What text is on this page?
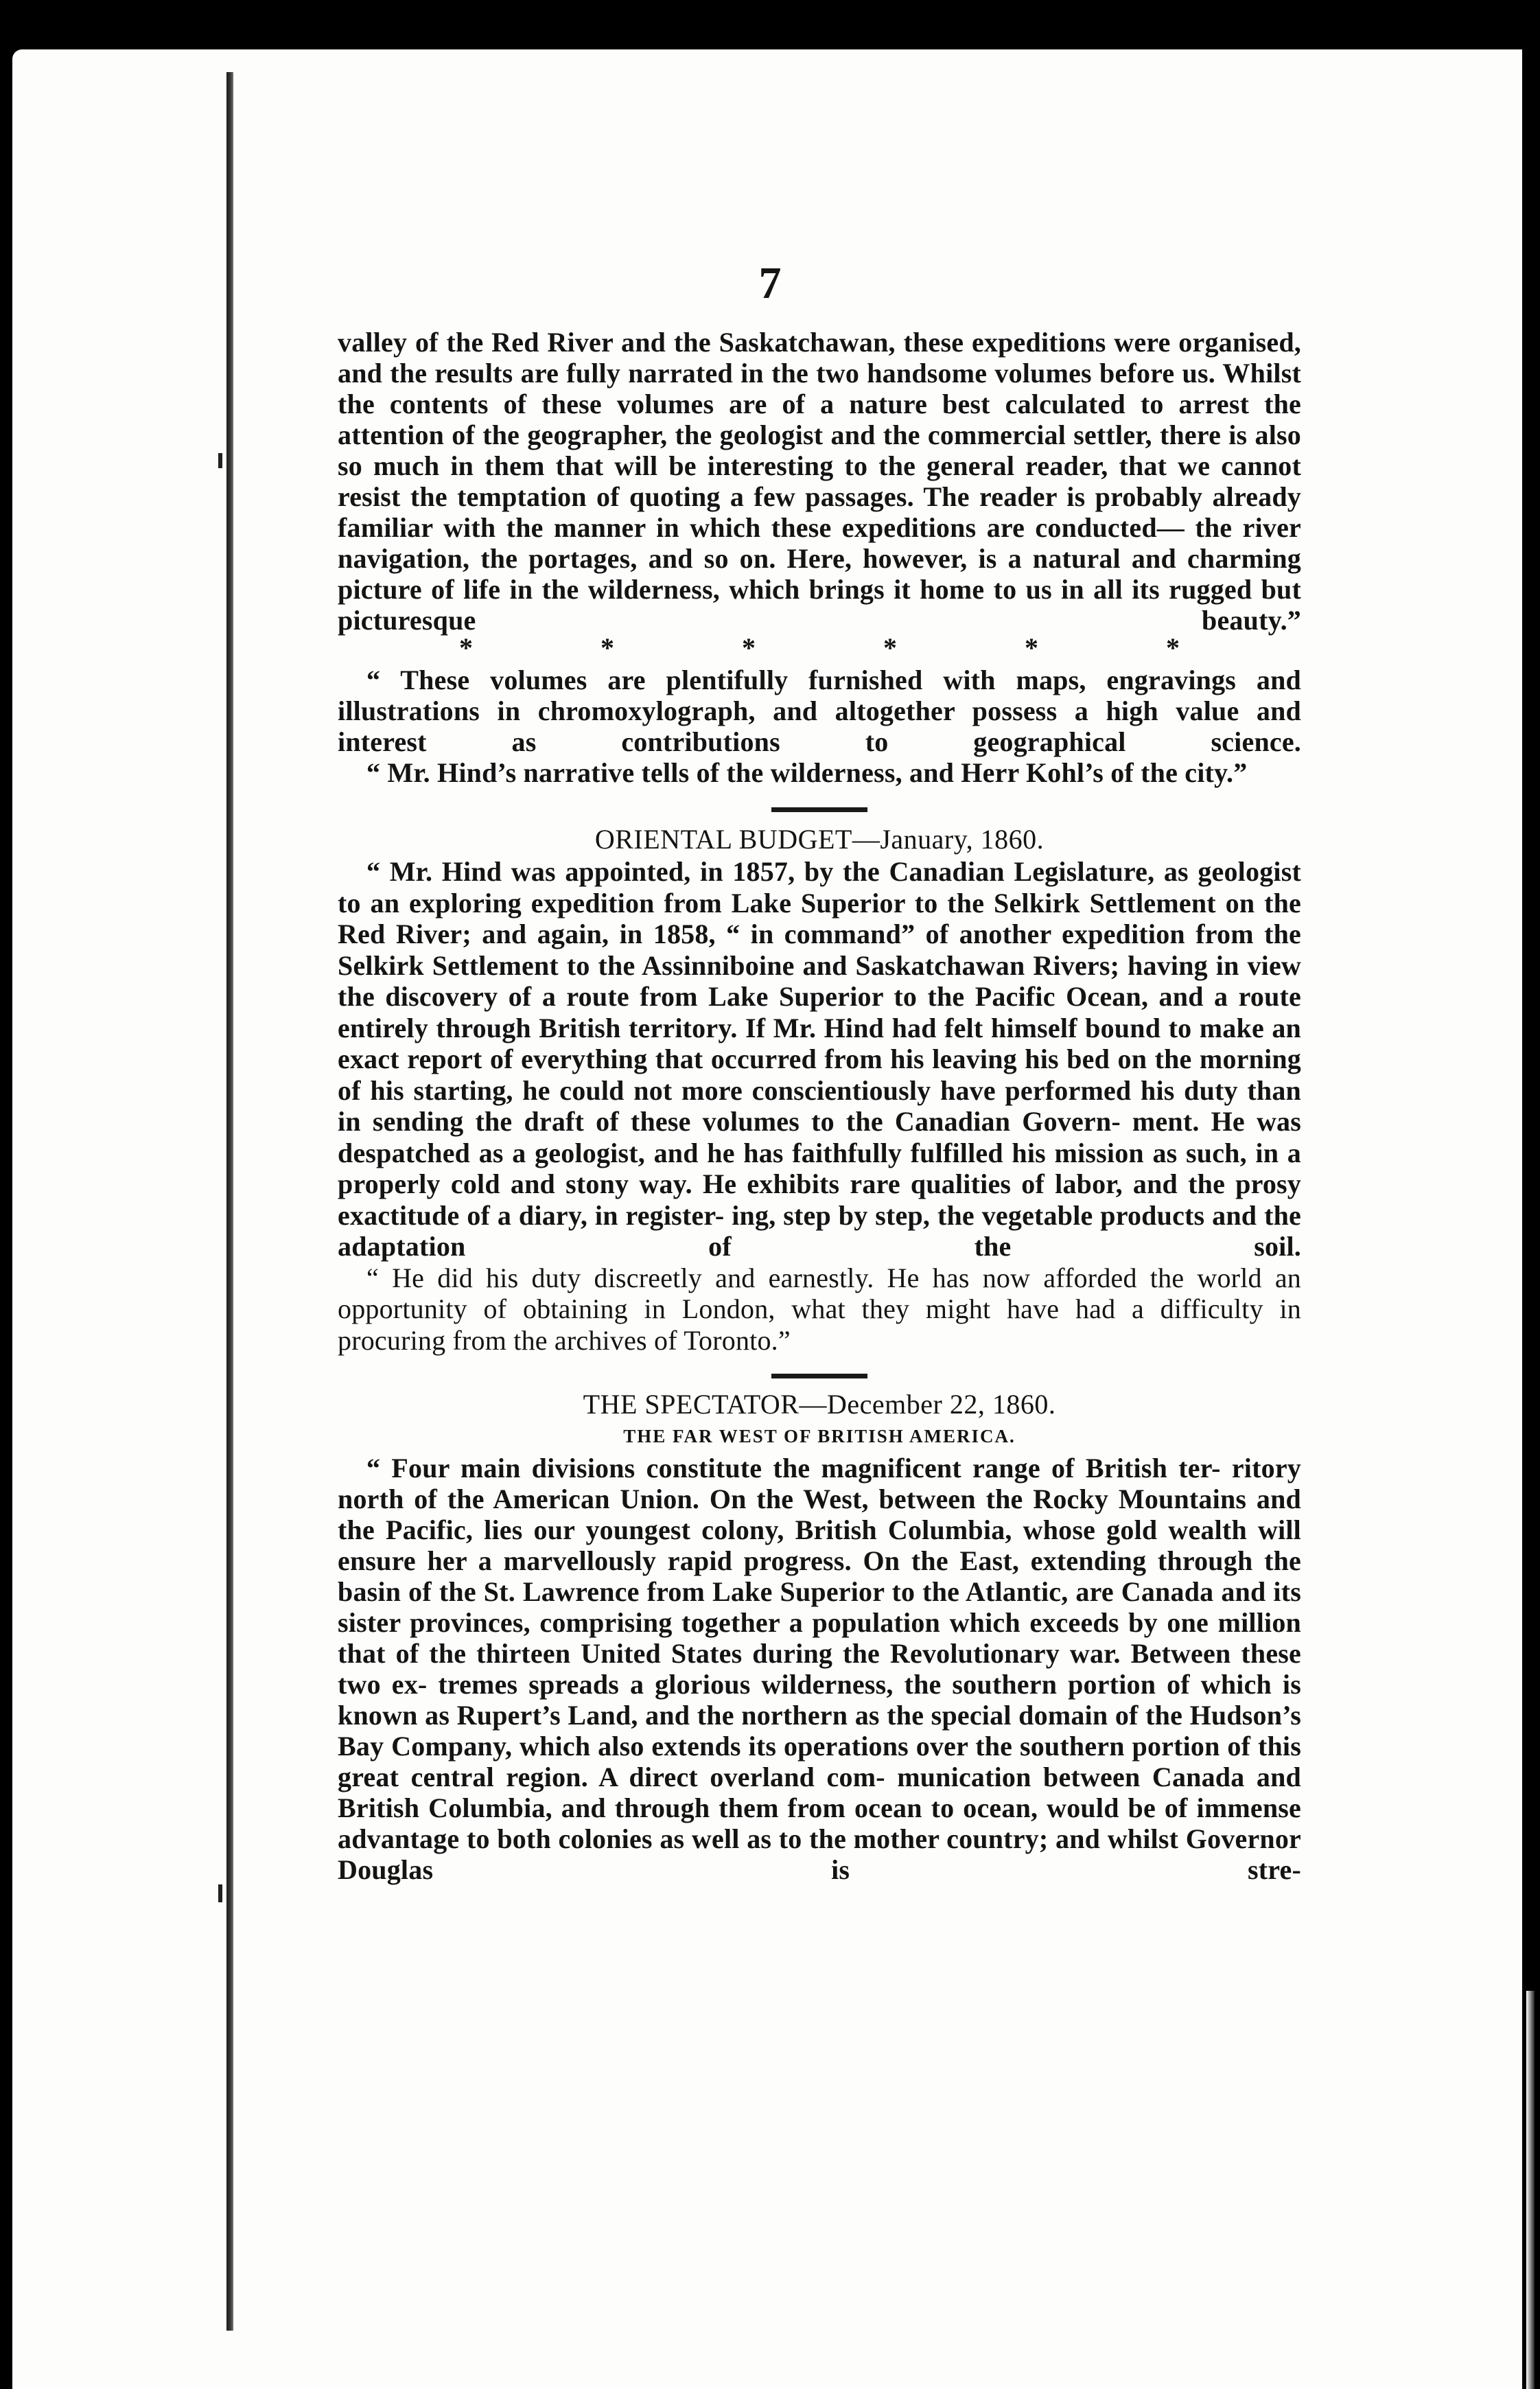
7

valley of the Red River and the Saskatchawan, these expeditions were organised, and the results are fully narrated in the two handsome volumes before us. Whilst the contents of these volumes are of a nature best calculated to arrest the attention of the geographer, the geologist and the commercial settler, there is also so much in them that will be interesting to the general reader, that we cannot resist the temptation of quoting a few passages. The reader is probably already familiar with the manner in which these expeditions are conducted— the river navigation, the portages, and so on. Here, however, is a natural and charming picture of life in the wilderness, which brings it home to us in all its rugged but picturesque beauty.”

*	*	*	*	*	*

“ These volumes are plentifully furnished with maps, engravings and illustrations in chromoxylograph, and altogether possess a high value and interest as contributions to geographical science.

“ Mr. Hind’s narrative tells of the wilderness, and Herr Kohl’s of the city.”

ORIENTAL BUDGET—January, 1860.

“ Mr. Hind was appointed, in 1857, by the Canadian Legislature, as geologist to an exploring expedition from Lake Superior to the Selkirk Settlement on the Red River; and again, in 1858, “ in command” of another expedition from the Selkirk Settlement to the Assinniboine and Saskatchawan Rivers; having in view the discovery of a route from Lake Superior to the Pacific Ocean, and a route entirely through British territory. If Mr. Hind had felt himself bound to make an exact report of everything that occurred from his leaving his bed on the morning of his starting, he could not more conscientiously have performed his duty than in sending the draft of these volumes to the Canadian Govern- ment. He was despatched as a geologist, and he has faithfully fulfilled his mission as such, in a properly cold and stony way. He exhibits rare qualities of labor, and the prosy exactitude of a diary, in register- ing, step by step, the vegetable products and the adaptation of the soil.

“ He did his duty discreetly and earnestly. He has now afforded the world an opportunity of obtaining in London, what they might have had a difficulty in procuring from the archives of Toronto.”

THE SPECTATOR—December 22, 1860.

THE FAR WEST OF BRITISH AMERICA.

“ Four main divisions constitute the magnificent range of British ter- ritory north of the American Union. On the West, between the Rocky Mountains and the Pacific, lies our youngest colony, British Columbia, whose gold wealth will ensure her a marvellously rapid progress. On the East, extending through the basin of the St. Lawrence from Lake Superior to the Atlantic, are Canada and its sister provinces, comprising together a population which exceeds by one million that of the thirteen United States during the Revolutionary war. Between these two ex- tremes spreads a glorious wilderness, the southern portion of which is known as Rupert’s Land, and the northern as the special domain of the Hudson’s Bay Company, which also extends its operations over the southern portion of this great central region. A direct overland com- munication between Canada and British Columbia, and through them from ocean to ocean, would be of immense advantage to both colonies as well as to the mother country; and whilst Governor Douglas is stre-
